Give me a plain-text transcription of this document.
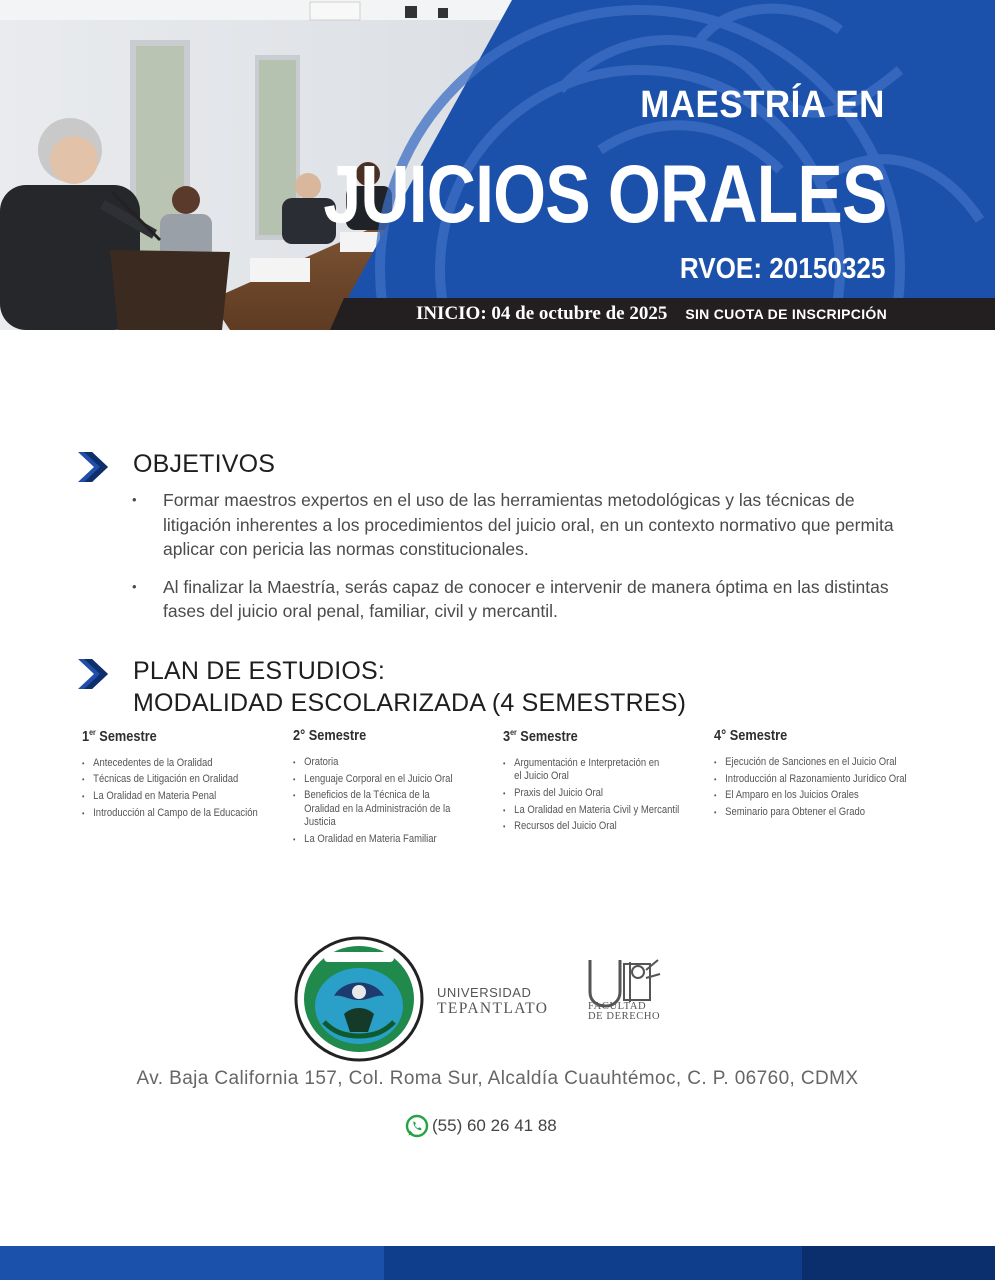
MAESTRÍA EN
JUICIOS ORALES
RVOE: 20150325
INICIO: 04 de octubre de 2025 SIN CUOTA DE INSCRIPCIÓN
OBJETIVOS
• Formar maestros expertos en el uso de las herramientas metodológicas y las técnicas de litigación inherentes a los procedimientos del juicio oral, en un contexto normativo que permita aplicar con pericia las normas constitucionales.
• Al finalizar la Maestría, serás capaz de conocer e intervenir de manera óptima en las distintas fases del juicio oral penal, familiar, civil y mercantil.
PLAN DE ESTUDIOS:
MODALIDAD ESCOLARIZADA (4 SEMESTRES)
1er Semestre
• Antecedentes de la Oralidad
• Técnicas de Litigación en Oralidad
• La Oralidad en Materia Penal
• Introducción al Campo de la Educación
2° Semestre
• Oratoria
• Lenguaje Corporal en el Juicio Oral
• Beneficios de la Técnica de la Oralidad en la Administración de la Justicia
• La Oralidad en Materia Familiar
3er Semestre
• Argumentación e Interpretación en el Juicio Oral
• Praxis del Juicio Oral
• La Oralidad en Materia Civil y Mercantil
• Recursos del Juicio Oral
4° Semestre
• Ejecución de Sanciones en el Juicio Oral
• Introducción al Razonamiento Jurídico Oral
• El Amparo en los Juicios Orales
• Seminario para Obtener el Grado
UNIVERSIDAD
TEPANTLATO	FACULTAD
DE DERECHO
Av. Baja California 157, Col. Roma Sur, Alcaldía Cuauhtémoc, C. P. 06760, CDMX
(55) 60 26 41 88
